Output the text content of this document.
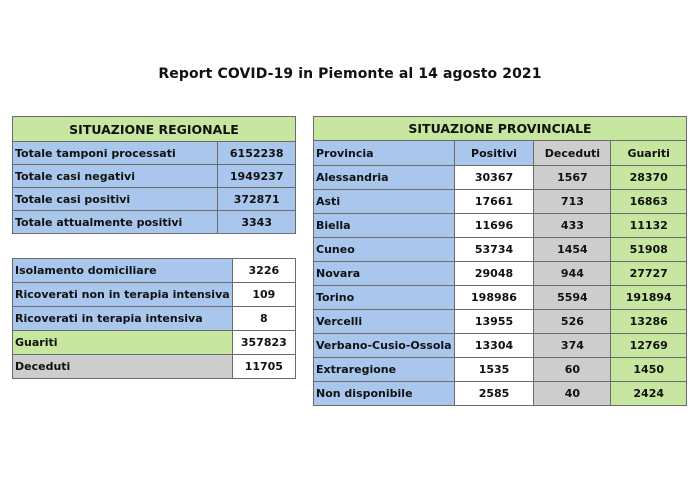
Report COVID-19 in Piemonte al 14 agosto 2021
SITUAZIONE REGIONALE	
Totale tamponi processati	6152238
Totale casi negativi	1949237
Totale casi positivi	372871
Totale attualmente positivi	3343
Isolamento domiciliare	3226
Ricoverati non in terapia intensiva	109
Ricoverati in terapia intensiva	8
Guariti	357823
Deceduti	11705
SITUAZIONE PROVINCIALE			
Provincia	Positivi	Deceduti	Guariti
Alessandria	30367	1567	28370
Asti	17661	713	16863
Biella	11696	433	11132
Cuneo	53734	1454	51908
Novara	29048	944	27727
Torino	198986	5594	191894
Vercelli	13955	526	13286
Verbano-Cusio-Ossola	13304	374	12769
Extraregione	1535	60	1450
Non disponibile	2585	40	2424
